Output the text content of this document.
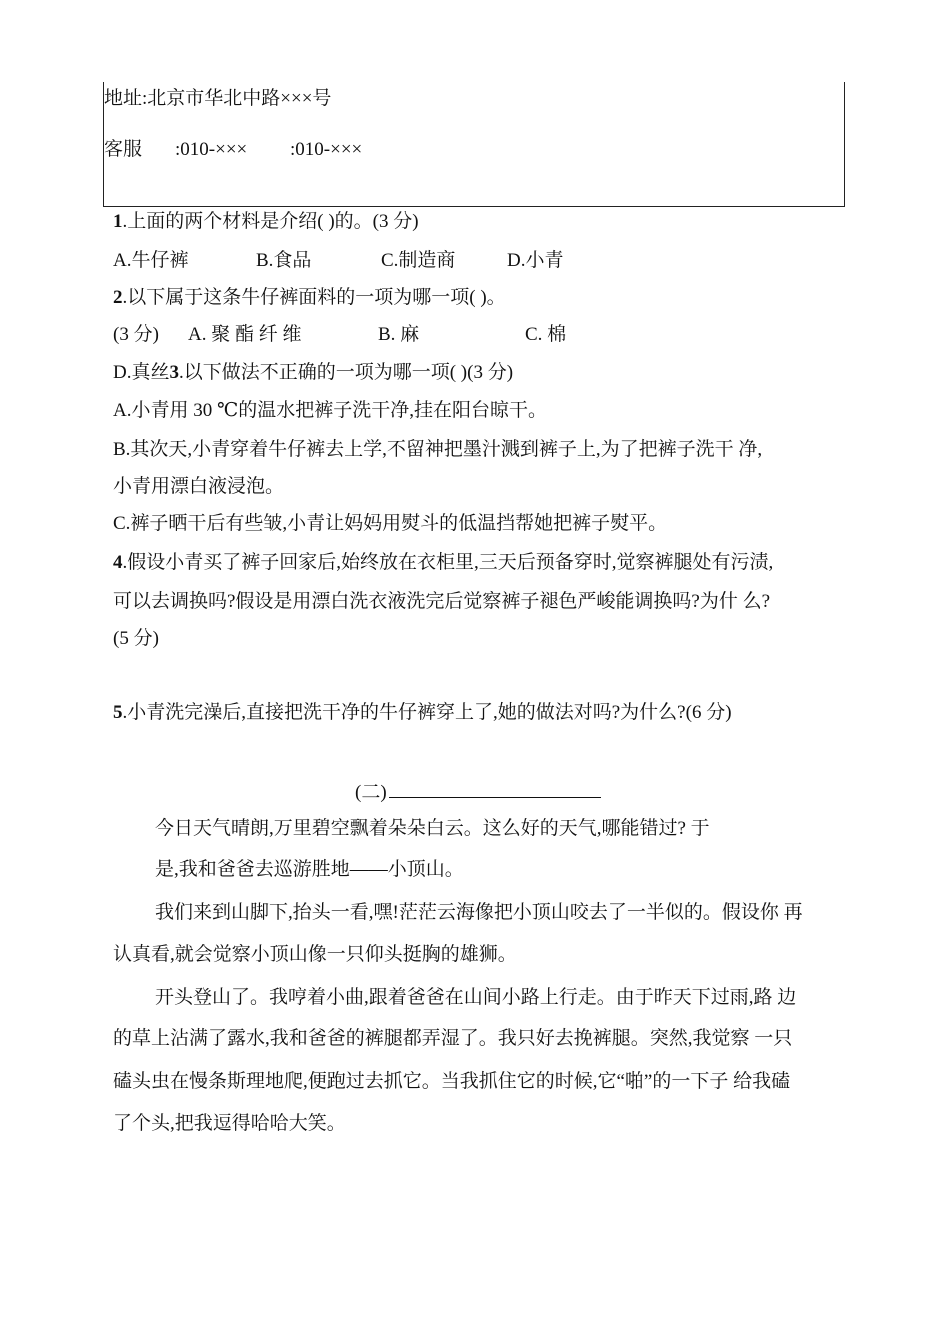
地址:北京市华北中路×××号
客服 :010-××× :010-×××
1.上面的两个材料是介绍( )的。(3 分)
A.牛仔裤	B.食品	C.制造商	D.小青
2.以下属于这条牛仔裤面料的一项为哪一项( )。
(3 分) A. 聚 酯 纤 维	B. 麻	C. 棉
D.真丝3.以下做法不正确的一项为哪一项( )(3 分)
A.小青用 30 ℃的温水把裤子洗干净,挂在阳台晾干。
B.其次天,小青穿着牛仔裤去上学,不留神把墨汁溅到裤子上,为了把裤子洗干 净,
小青用漂白液浸泡。
C.裤子晒干后有些皱,小青让妈妈用熨斗的低温挡帮她把裤子熨平。
4.假设小青买了裤子回家后,始终放在衣柜里,三天后预备穿时,觉察裤腿处有污渍,
可以去调换吗?假设是用漂白洗衣液洗完后觉察裤子褪色严峻能调换吗?为什 么?
(5 分)
5.小青洗完澡后,直接把洗干净的牛仔裤穿上了,她的做法对吗?为什么?(6 分)
(二)
今日天气晴朗,万里碧空飘着朵朵白云。这么好的天气,哪能错过? 于
是,我和爸爸去巡游胜地——小顶山。
我们来到山脚下,抬头一看,嘿!茫茫云海像把小顶山咬去了一半似的。假设你 再
认真看,就会觉察小顶山像一只仰头挺胸的雄狮。
开头登山了。我哼着小曲,跟着爸爸在山间小路上行走。由于昨天下过雨,路 边
的草上沾满了露水,我和爸爸的裤腿都弄湿了。我只好去挽裤腿。突然,我觉察 一只
磕头虫在慢条斯理地爬,便跑过去抓它。当我抓住它的时候,它“啪”的一下子 给我磕
了个头,把我逗得哈哈大笑。
